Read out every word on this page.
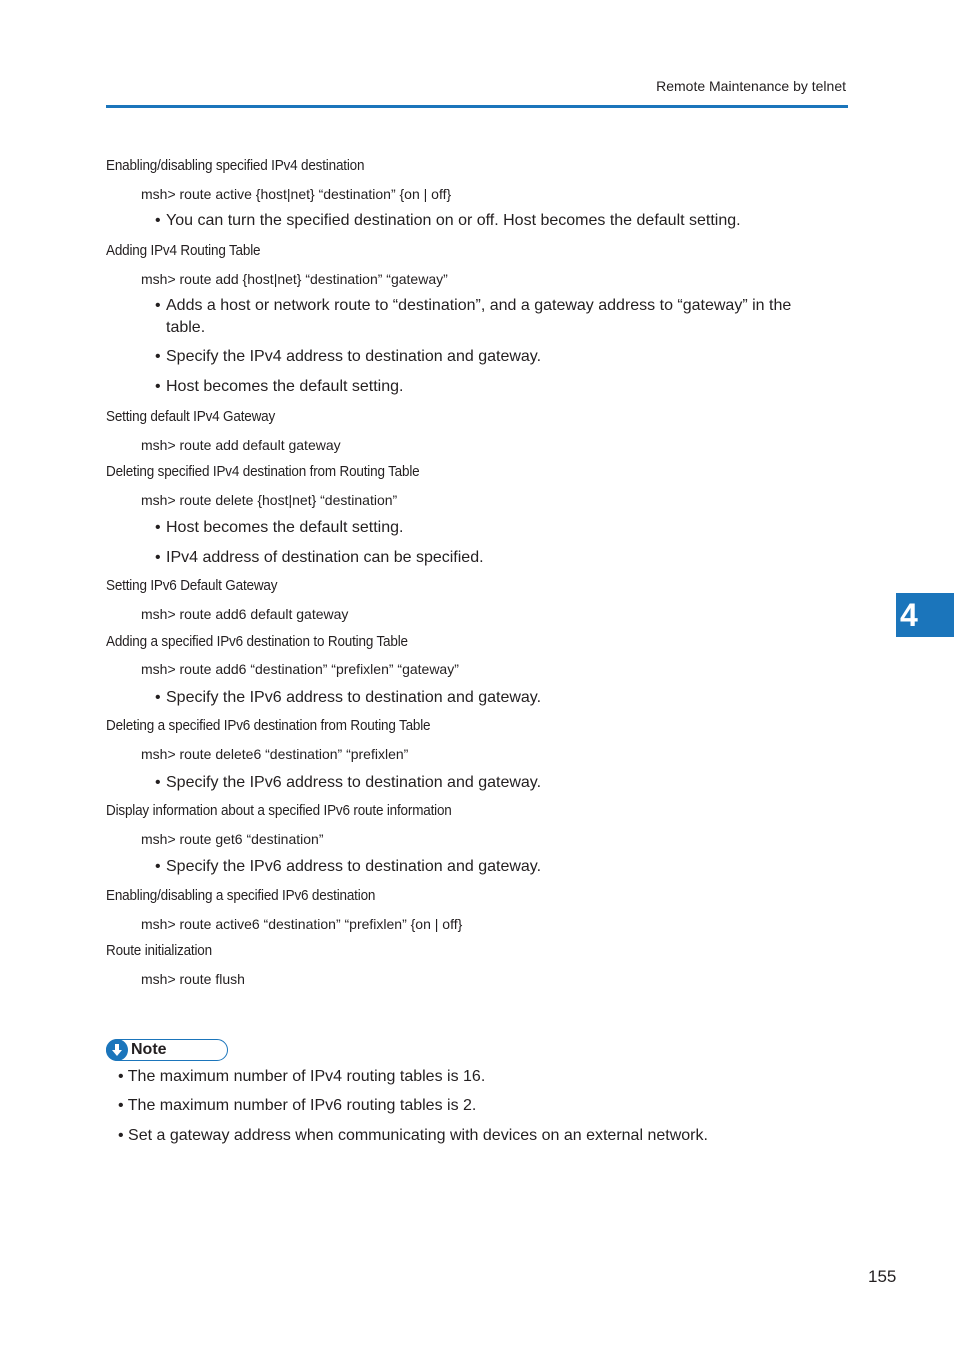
Remote Maintenance by telnet
Enabling/disabling specified IPv4 destination
msh> route active {host|net} “destination” {on | off}
• You can turn the specified destination on or off. Host becomes the default setting.
Adding IPv4 Routing Table
msh> route add {host|net} “destination” “gateway”
• Adds a host or network route to “destination”, and a gateway address to “gateway” in the table.
• Specify the IPv4 address to destination and gateway.
• Host becomes the default setting.
Setting default IPv4 Gateway
msh> route add default gateway
Deleting specified IPv4 destination from Routing Table
msh> route delete {host|net} “destination”
• Host becomes the default setting.
• IPv4 address of destination can be specified.
Setting IPv6 Default Gateway
msh> route add6 default gateway
Adding a specified IPv6 destination to Routing Table
msh> route add6 “destination” “prefixlen” “gateway”
• Specify the IPv6 address to destination and gateway.
Deleting a specified IPv6 destination from Routing Table
msh> route delete6 “destination” “prefixlen”
• Specify the IPv6 address to destination and gateway.
Display information about a specified IPv6 route information
msh> route get6 “destination”
• Specify the IPv6 address to destination and gateway.
Enabling/disabling a specified IPv6 destination
msh> route active6 “destination” “prefixlen” {on | off}
Route initialization
msh> route flush
4
Note
• The maximum number of IPv4 routing tables is 16.
• The maximum number of IPv6 routing tables is 2.
• Set a gateway address when communicating with devices on an external network.
155
